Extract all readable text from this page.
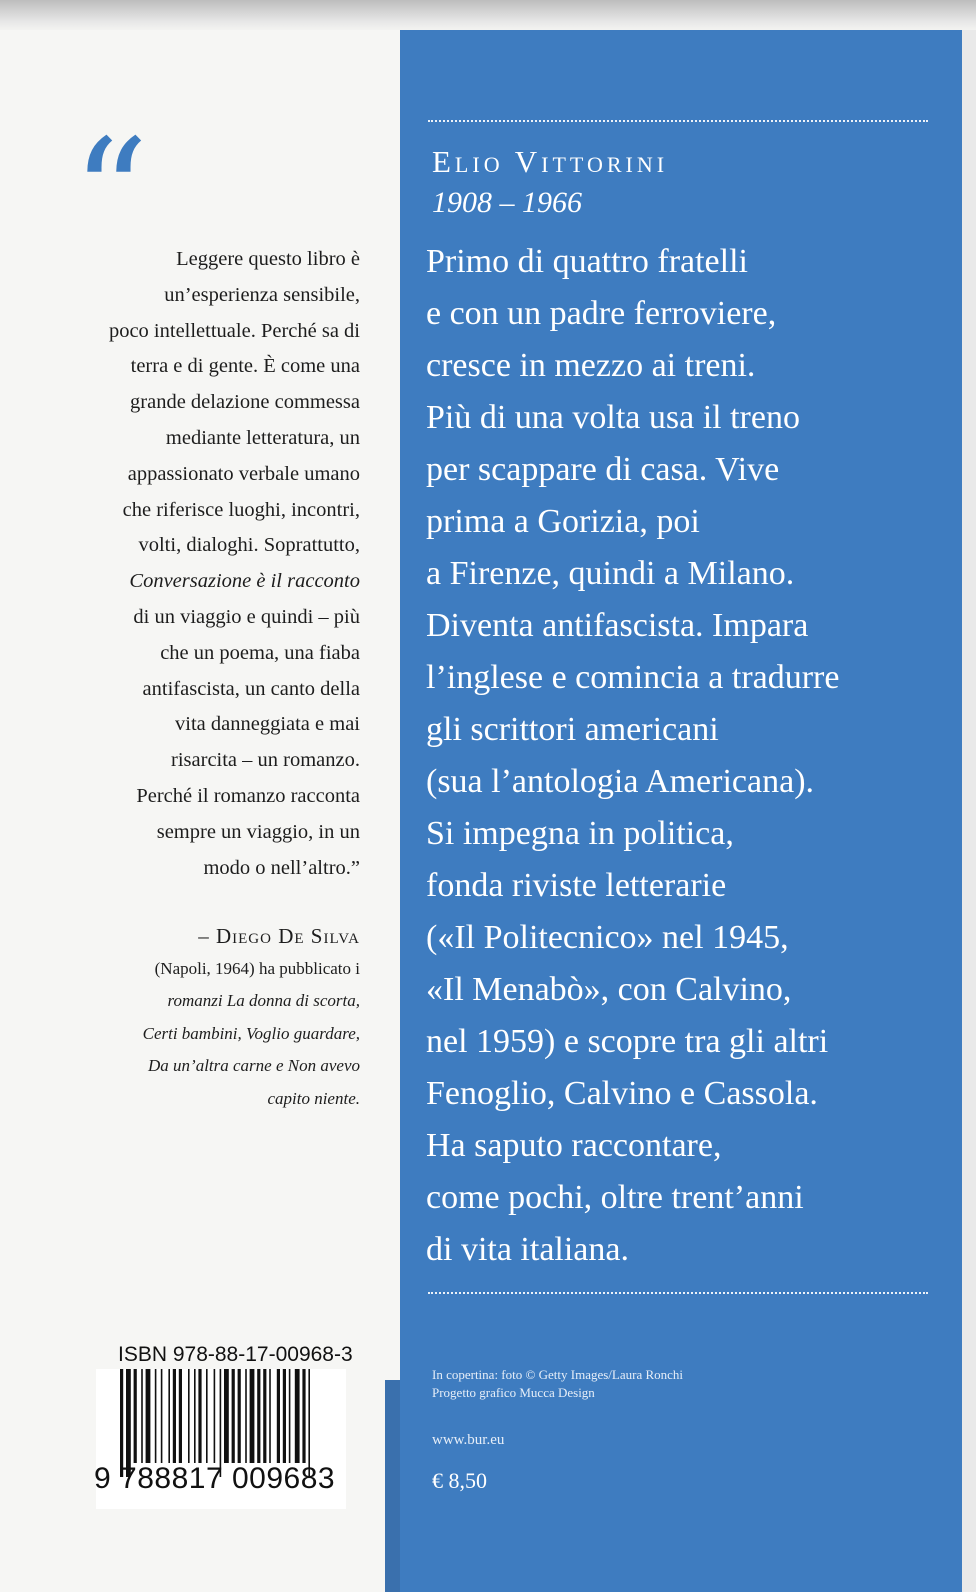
“	Leggere questo libro è

un’esperienza sensibile,

poco intellettuale. Perché sa di

terra e di gente. È come una

grande delazione commessa

mediante letteratura, un

appassionato verbale umano

che riferisce luoghi, incontri,

volti, dialoghi. Soprattutto,

Conversazione è il racconto

di un viaggio e quindi – più

che un poema, una fiaba

antifascista, un canto della

vita danneggiata e mai

risarcita – un romanzo.

Perché il romanzo racconta

sempre un viaggio, in un

modo o nell’altro.”

– Diego De Silva

(Napoli, 1964) ha pubblicato i

romanzi La donna di scorta,

Certi bambini, Voglio guardare,

Da un’altra carne e Non avevo

capito niente.

ISBN 978-88-17-00968-3
9 788817 009683
Elio Vittorini
1908 – 1966

Primo di quattro fratelli

e con un padre ferroviere,

cresce in mezzo ai treni.

Più di una volta usa il treno

per scappare di casa. Vive

prima a Gorizia, poi

a Firenze, quindi a Milano.

Diventa antifascista. Impara

l’inglese e comincia a tradurre

gli scrittori americani

(sua l’antologia Americana).

Si impegna in politica,

fonda riviste letterarie

(«Il Politecnico» nel 1945,

«Il Menabò», con Calvino,

nel 1959) e scopre tra gli altri

Fenoglio, Calvino e Cassola.

Ha saputo raccontare,

come pochi, oltre trent’anni

di vita italiana.

In copertina: foto © Getty Images/Laura Ronchi

Progetto grafico Mucca Design

www.bur.eu
€ 8,50
